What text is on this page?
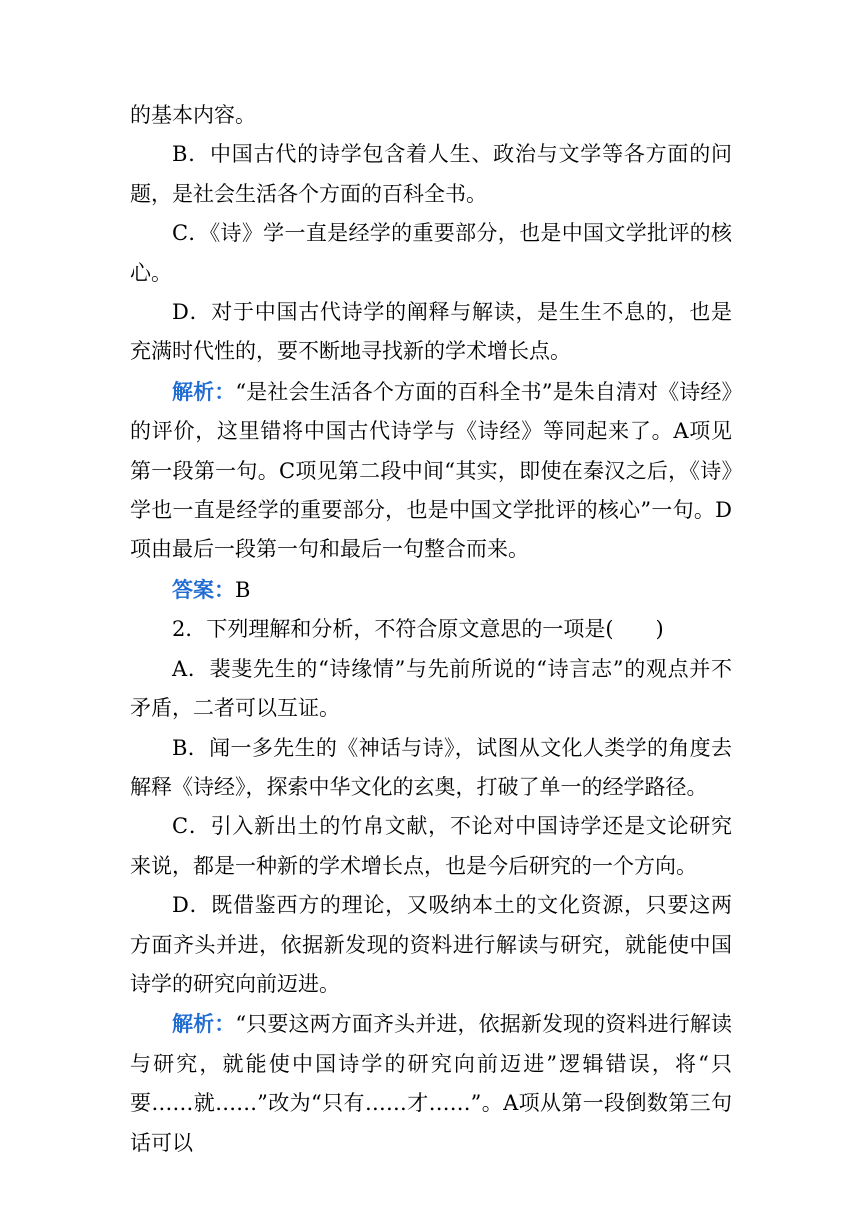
的基本内容。

B．中国古代的诗学包含着人生、政治与文学等各方面的问题，是社会生活各个方面的百科全书。

C．《诗》学一直是经学的重要部分，也是中国文学批评的核心。

D．对于中国古代诗学的阐释与解读，是生生不息的，也是充满时代性的，要不断地寻找新的学术增长点。

解析：“是社会生活各个方面的百科全书”是朱自清对《诗经》的评价，这里错将中国古代诗学与《诗经》等同起来了。A项见第一段第一句。C项见第二段中间“其实，即使在秦汉之后，《诗》学也一直是经学的重要部分，也是中国文学批评的核心”一句。D项由最后一段第一句和最后一句整合而来。

答案：B

2．下列理解和分析，不符合原文意思的一项是(　　)

A．裴斐先生的“诗缘情”与先前所说的“诗言志”的观点并不矛盾，二者可以互证。

B．闻一多先生的《神话与诗》，试图从文化人类学的角度去解释《诗经》，探索中华文化的玄奥，打破了单一的经学路径。

C．引入新出土的竹帛文献，不论对中国诗学还是文论研究来说，都是一种新的学术增长点，也是今后研究的一个方向。

D．既借鉴西方的理论，又吸纳本土的文化资源，只要这两方面齐头并进，依据新发现的资料进行解读与研究，就能使中国诗学的研究向前迈进。

解析：“只要这两方面齐头并进，依据新发现的资料进行解读与研究，就能使中国诗学的研究向前迈进”逻辑错误，将“只要……就……”改为“只有……才……”。A项从第一段倒数第三句话可以
